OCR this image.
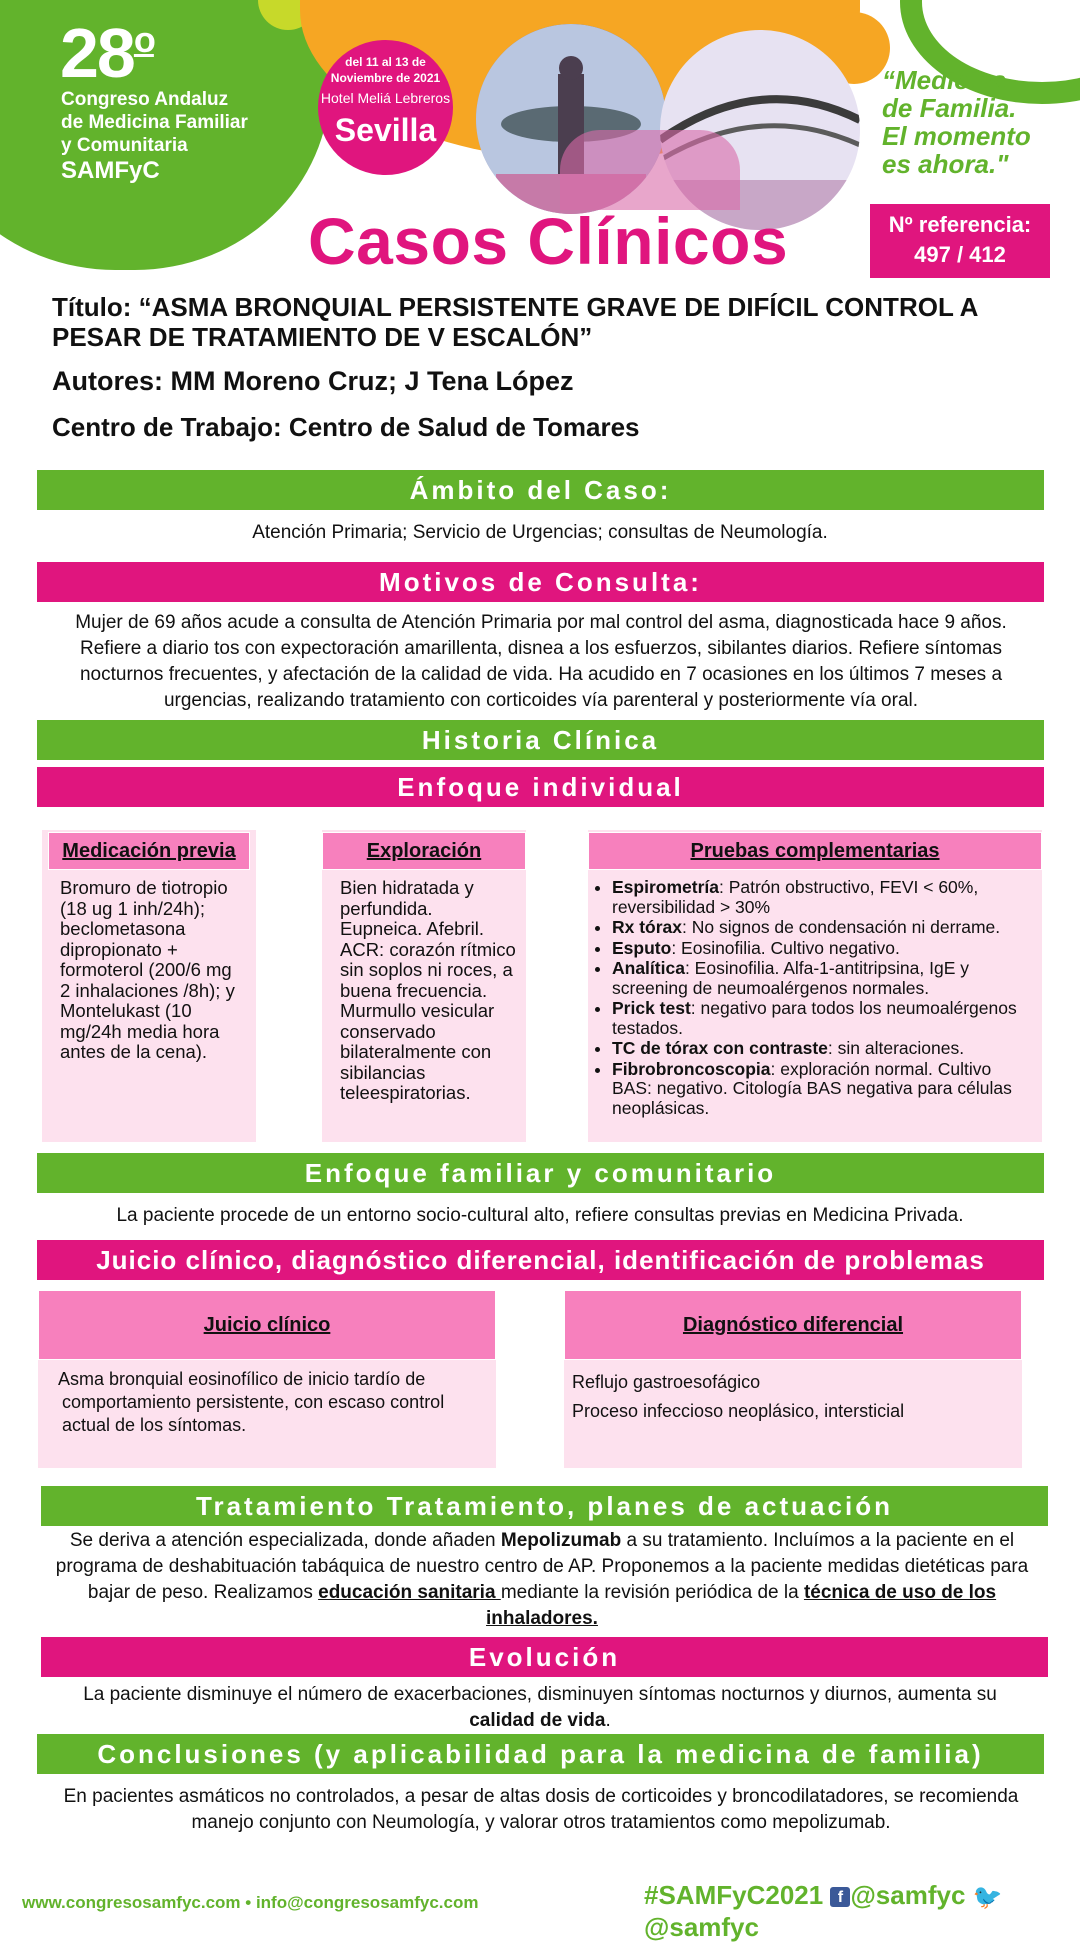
28$^o$
Congreso Andaluz
de Medicina Familiar
y Comunitaria
SAMFyC
del 11 al 13 de
Noviembre de 2021
Hotel Meliá Lebreros
Sevilla
“Medicina
de Familia.
El momento
es ahora."
Casos Clínicos	Nº referencia:
497 / 412
Título: “ASMA BRONQUIAL PERSISTENTE GRAVE DE DIFÍCIL CONTROL A
PESAR DE TRATAMIENTO DE V ESCALÓN”
Autores: MM Moreno Cruz; J Tena López
Centro de Trabajo: Centro de Salud de Tomares
Ámbito del Caso:
Atención Primaria; Servicio de Urgencias; consultas de Neumología.
Motivos de Consulta:
Mujer de 69 años acude a consulta de Atención Primaria por mal control del asma, diagnosticada hace 9 años. Refiere a diario tos con expectoración amarillenta, disnea a los esfuerzos, sibilantes diarios. Refiere síntomas nocturnos frecuentes, y afectación de la calidad de vida. Ha acudido en 7 ocasiones en los últimos 7 meses a urgencias, realizando tratamiento con corticoides vía parenteral y posteriormente vía oral.
Historia Clínica
Enfoque individual
Medicación previa
Bromuro de tiotropio (18 ug 1 inh/24h); beclometasona dipropionato + formoterol (200/6 mg 2 inhalaciones /8h); y Montelukast (10 mg/24h media hora antes de la cena).
Exploración
Bien hidratada y perfundida. Eupneica. Afebril. ACR: corazón rítmico sin soplos ni roces, a buena frecuencia. Murmullo vesicular conservado bilateralmente con sibilancias teleespiratorias.
Pruebas complementarias
• Espirometría: Patrón obstructivo, FEVI < 60%, reversibilidad > 30%
• Rx tórax: No signos de condensación ni derrame.
• Esputo: Eosinofilia. Cultivo negativo.
• Analítica: Eosinofilia. Alfa-1-antitripsina, IgE y screening de neumoalérgenos normales.
• Prick test: negativo para todos los neumoalérgenos testados.
• TC de tórax con contraste: sin alteraciones.
• Fibrobroncoscopia: exploración normal. Cultivo BAS: negativo. Citología BAS negativa para células neoplásicas.
Enfoque familiar y comunitario
La paciente procede de un entorno socio-cultural alto, refiere consultas previas en Medicina Privada.
Juicio clínico, diagnóstico diferencial, identificación de problemas
Juicio clínico
Asma bronquial eosinofílico de inicio tardío de
comportamiento persistente, con escaso control
actual de los síntomas.
Diagnóstico diferencial
Reflujo gastroesofágico
Proceso infeccioso neoplásico, intersticial
Tratamiento Tratamiento, planes de actuación
Se deriva a atención especializada, donde añaden Mepolizumab a su tratamiento. Incluímos a la paciente en el programa de deshabituación tabáquica de nuestro centro de AP. Proponemos a la paciente medidas dietéticas para bajar de peso. Realizamos educación sanitaria mediante la revisión periódica de la técnica de uso de los inhaladores.
Evolución
La paciente disminuye el número de exacerbaciones, disminuyen síntomas nocturnos y diurnos, aumenta su calidad de vida.
Conclusiones (y aplicabilidad para la medicina de familia)
En pacientes asmáticos no controlados, a pesar de altas dosis de corticoides y broncodilatadores, se recomienda manejo conjunto con Neumología, y valorar otros tratamientos como mepolizumab.
www.congresosamfyc.com • info@congresosamfyc.com	#SAMFyC2021 f @samfyc 🐦@samfyc
